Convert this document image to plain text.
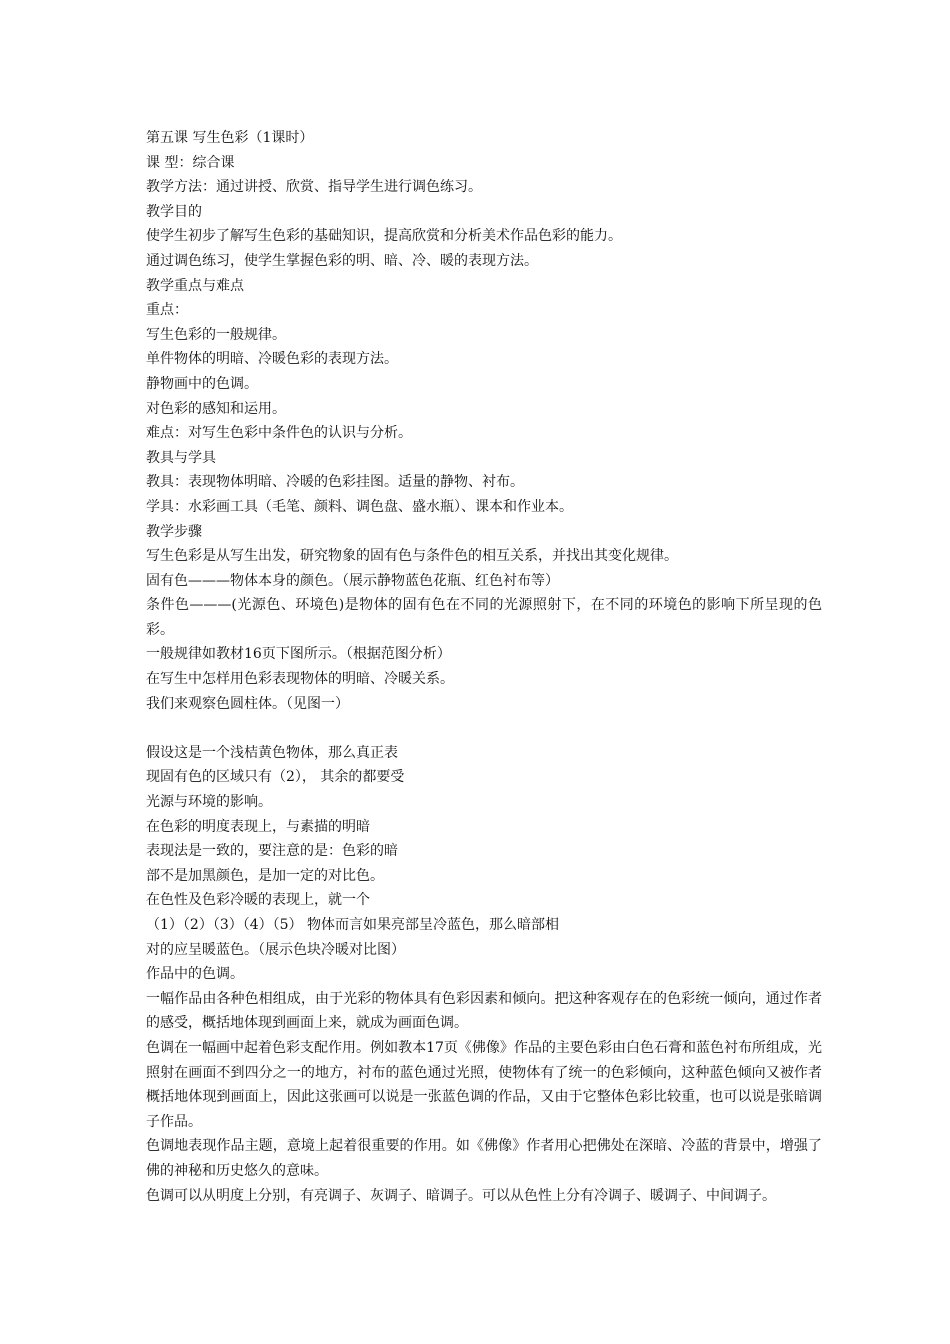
第五课 写生色彩（1课时）
课 型：综合课
教学方法：通过讲授、欣赏、指导学生进行调色练习。
教学目的
使学生初步了解写生色彩的基础知识，提高欣赏和分析美术作品色彩的能力。
通过调色练习，使学生掌握色彩的明、暗、冷、暖的表现方法。
教学重点与难点
重点：
写生色彩的一般规律。
单件物体的明暗、冷暖色彩的表现方法。
静物画中的色调。
对色彩的感知和运用。
难点：对写生色彩中条件色的认识与分析。
教具与学具
教具：表现物体明暗、冷暖的色彩挂图。适量的静物、衬布。
学具：水彩画工具（毛笔、颜料、调色盘、盛水瓶）、课本和作业本。
教学步骤
写生色彩是从写生出发，研究物象的固有色与条件色的相互关系，并找出其变化规律。
固有色———物体本身的颜色。（展示静物蓝色花瓶、红色衬布等）
条件色———(光源色、环境色)是物体的固有色在不同的光源照射下，在不同的环境色的影响下所呈现的色彩。
一般规律如教材16页下图所示。（根据范图分析）
在写生中怎样用色彩表现物体的明暗、冷暖关系。
我们来观察色圆柱体。（见图一）
假设这是一个浅桔黄色物体，那么真正表
现固有色的区域只有（2）， 其余的都要受
光源与环境的影响。
在色彩的明度表现上，与素描的明暗
表现法是一致的，要注意的是：色彩的暗
部不是加黑颜色，是加一定的对比色。
在色性及色彩冷暖的表现上，就一个
（1）（2）（3）（4）（5） 物体而言如果亮部呈冷蓝色，那么暗部相
对的应呈暖蓝色。（展示色块冷暖对比图）
作品中的色调。
一幅作品由各种色相组成，由于光彩的物体具有色彩因素和倾向。把这种客观存在的色彩统一倾向，通过作者的感受，概括地体现到画面上来，就成为画面色调。
色调在一幅画中起着色彩支配作用。例如教本17页《佛像》作品的主要色彩由白色石膏和蓝色衬布所组成，光照射在画面不到四分之一的地方，衬布的蓝色通过光照，使物体有了统一的色彩倾向，这种蓝色倾向又被作者概括地体现到画面上，因此这张画可以说是一张蓝色调的作品，又由于它整体色彩比较重，也可以说是张暗调子作品。
色调地表现作品主题，意境上起着很重要的作用。如《佛像》作者用心把佛处在深暗、冷蓝的背景中，增强了佛的神秘和历史悠久的意味。
色调可以从明度上分别，有亮调子、灰调子、暗调子。可以从色性上分有冷调子、暖调子、中间调子。
